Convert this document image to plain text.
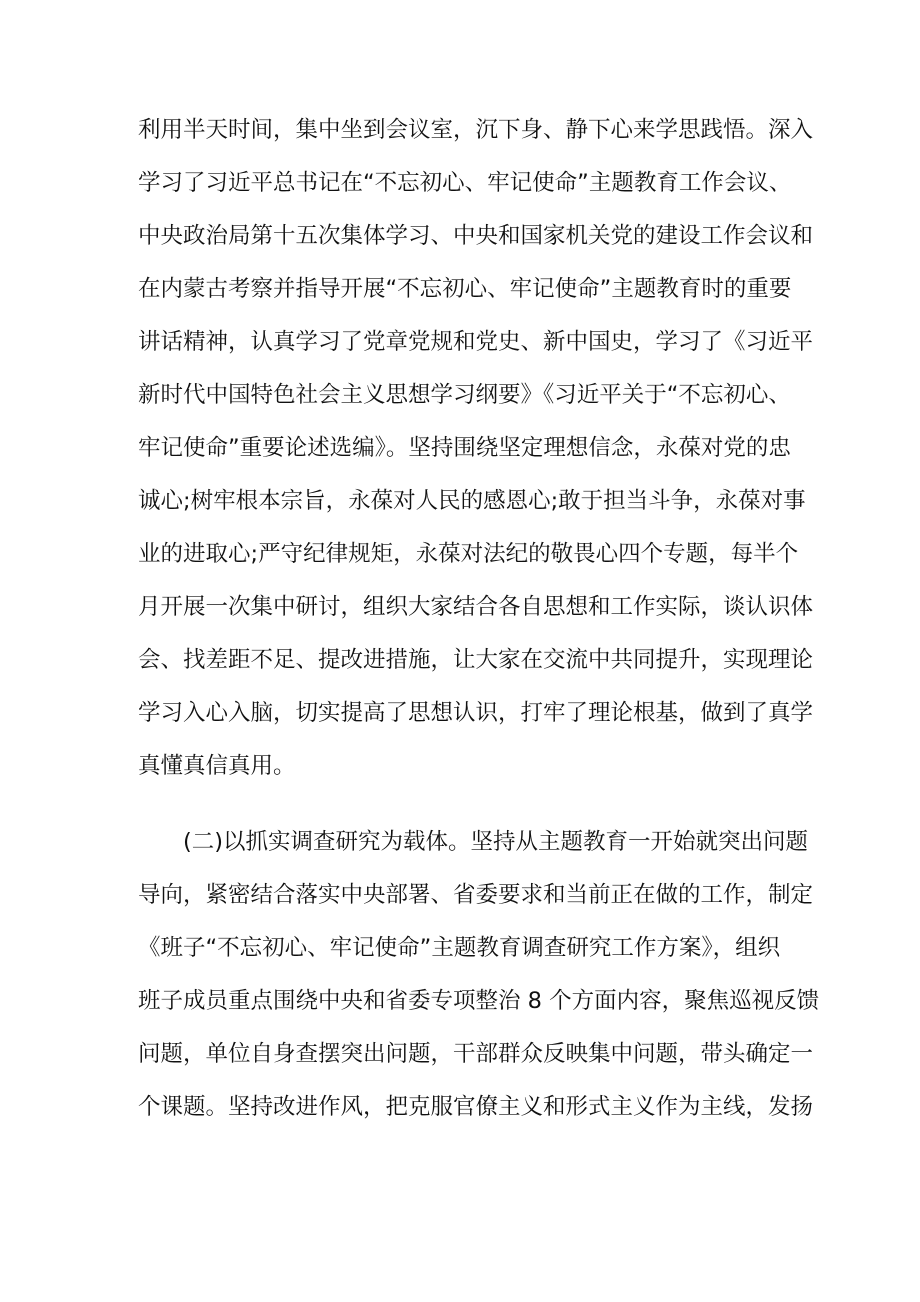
利用半天时间，集中坐到会议室，沉下身、静下心来学思践悟。深入
学习了习近平总书记在“不忘初心、牢记使命”主题教育工作会议、
中央政治局第十五次集体学习、中央和国家机关党的建设工作会议和
在内蒙古考察并指导开展“不忘初心、牢记使命”主题教育时的重要
讲话精神，认真学习了党章党规和党史、新中国史，学习了《习近平
新时代中国特色社会主义思想学习纲要》《习近平关于“不忘初心、
牢记使命”重要论述选编》。坚持围绕坚定理想信念，永葆对党的忠
诚心;树牢根本宗旨，永葆对人民的感恩心;敢于担当斗争，永葆对事
业的进取心;严守纪律规矩，永葆对法纪的敬畏心四个专题，每半个
月开展一次集中研讨，组织大家结合各自思想和工作实际，谈认识体
会、找差距不足、提改进措施，让大家在交流中共同提升，实现理论
学习入心入脑，切实提高了思想认识，打牢了理论根基，做到了真学
真懂真信真用。
(二)以抓实调查研究为载体。坚持从主题教育一开始就突出问题
导向，紧密结合落实中央部署、省委要求和当前正在做的工作，制定
《班子“不忘初心、牢记使命”主题教育调查研究工作方案》，组织
班子成员重点围绕中央和省委专项整治 8 个方面内容，聚焦巡视反馈
问题，单位自身查摆突出问题，干部群众反映集中问题，带头确定一
个课题。坚持改进作风，把克服官僚主义和形式主义作为主线，发扬
